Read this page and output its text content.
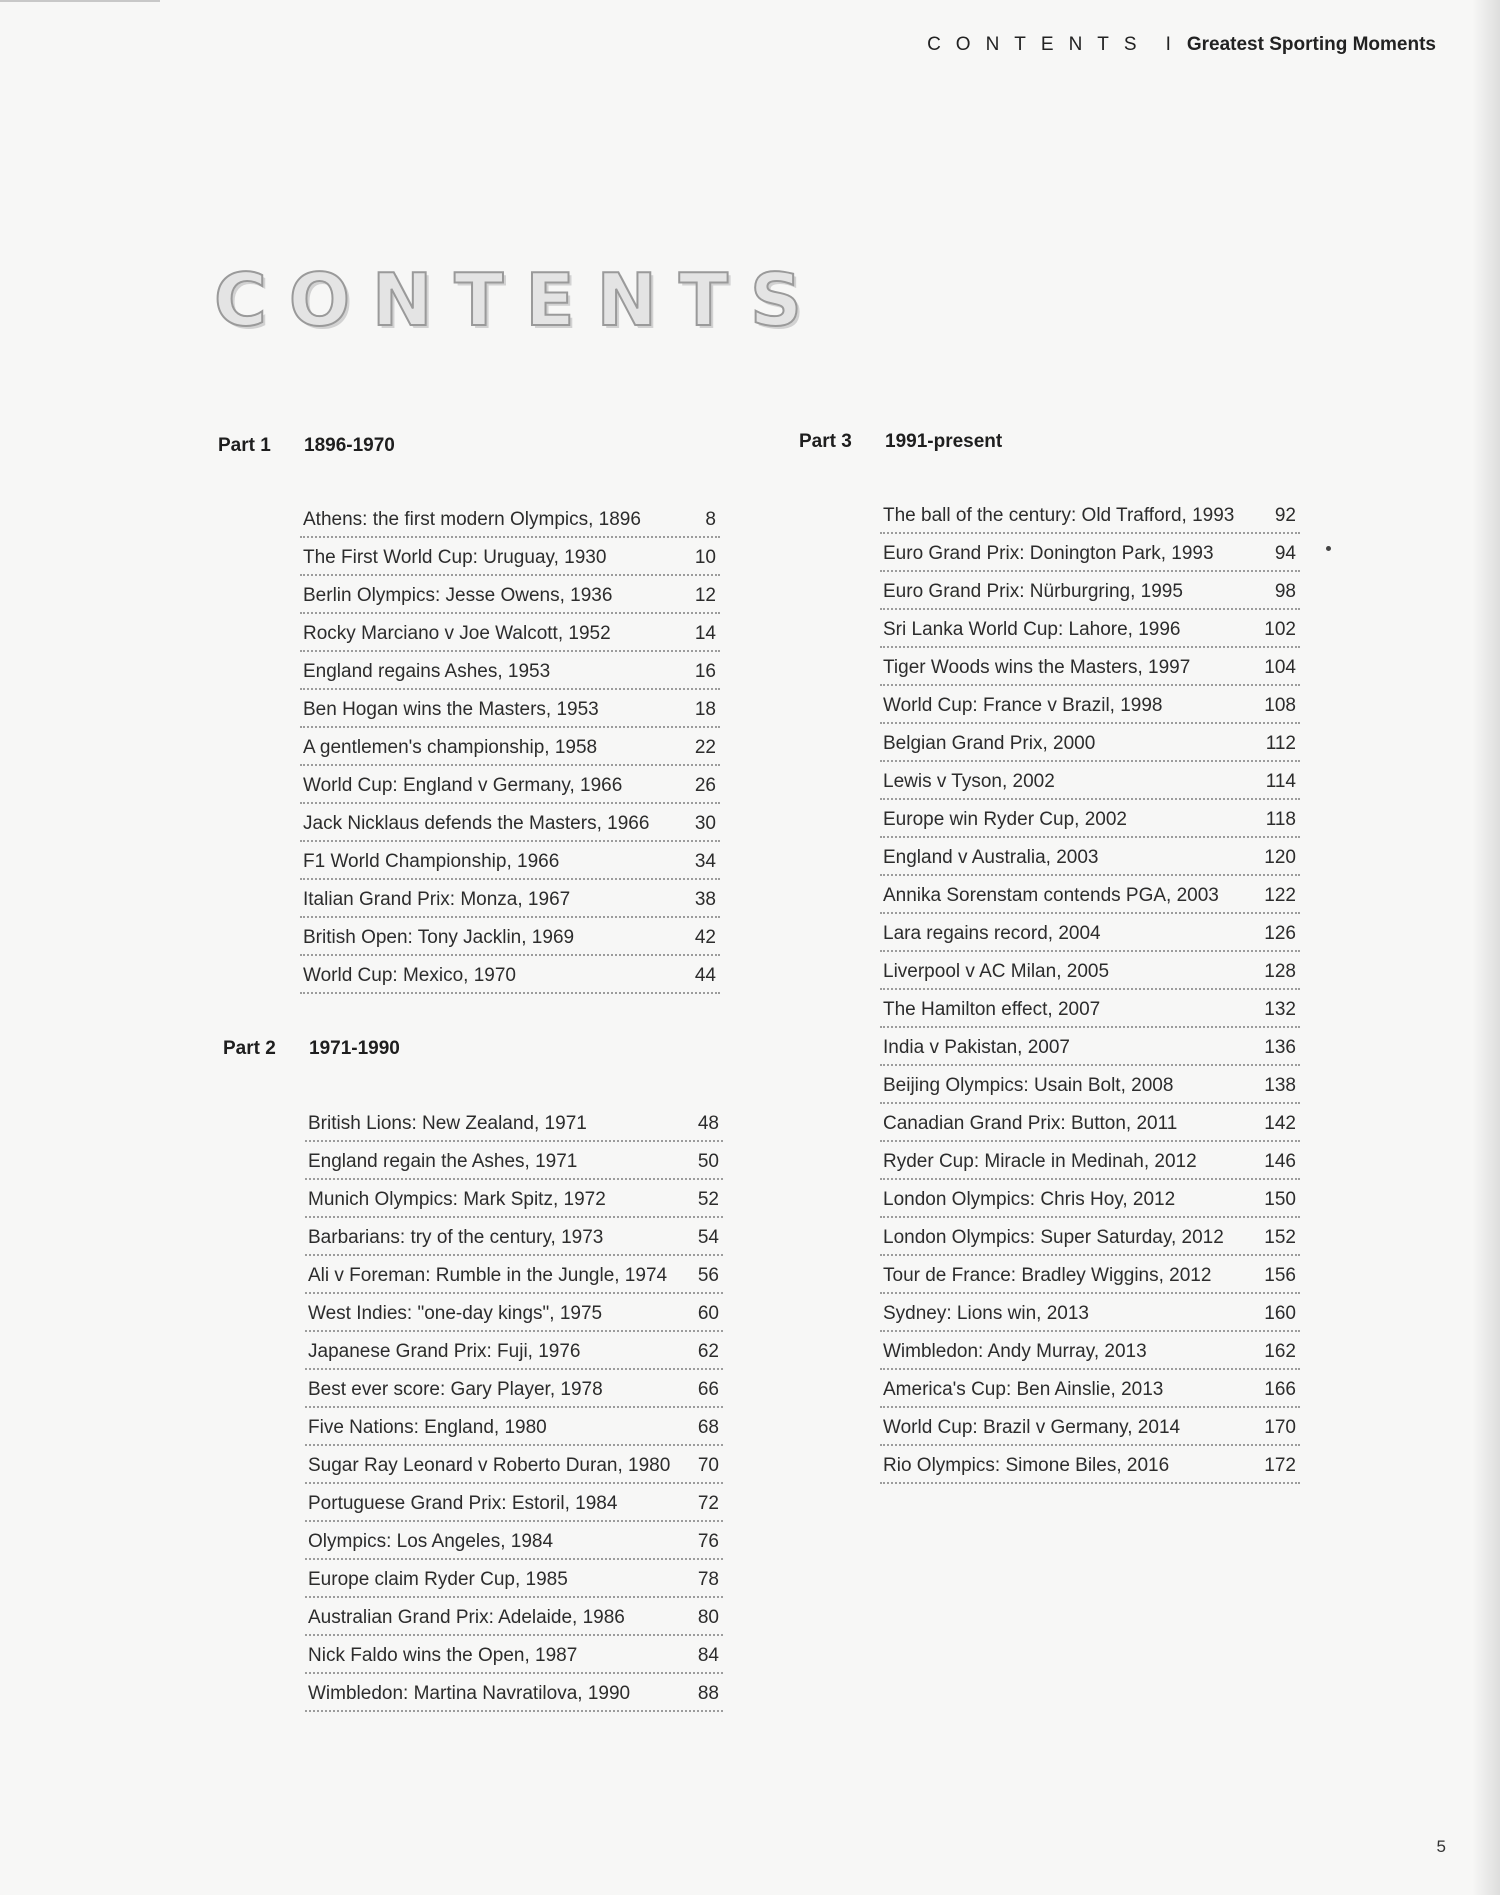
CONTENTS I Greatest Sporting Moments
CONTENTS
Part 1 1896-1970
Athens: the first modern Olympics, 1896	8
The First World Cup: Uruguay, 1930	10
Berlin Olympics: Jesse Owens, 1936	12
Rocky Marciano v Joe Walcott, 1952	14
England regains Ashes, 1953	16
Ben Hogan wins the Masters, 1953	18
A gentlemen's championship, 1958	22
World Cup: England v Germany, 1966	26
Jack Nicklaus defends the Masters, 1966 30
F1 World Championship, 1966	34
Italian Grand Prix: Monza, 1967	38
British Open: Tony Jacklin, 1969	42
World Cup: Mexico, 1970	44
Part 2 1971-1990
British Lions: New Zealand, 1971	48
England regain the Ashes, 1971	50
Munich Olympics: Mark Spitz, 1972	52
Barbarians: try of the century, 1973	54
Ali v Foreman: Rumble in the Jungle, 1974 56
West Indies: "one-day kings", 1975	60
Japanese Grand Prix: Fuji, 1976	62
Best ever score: Gary Player, 1978	66
Five Nations: England, 1980	68
Sugar Ray Leonard v Roberto Duran, 1980 70
Portuguese Grand Prix: Estoril, 1984	72
Olympics: Los Angeles, 1984	76
Europe claim Ryder Cup, 1985	78
Australian Grand Prix: Adelaide, 1986	80
Nick Faldo wins the Open, 1987	84
Wimbledon: Martina Navratilova, 1990	88
Part 3 1991-present
The ball of the century: Old Trafford, 1993 92
Euro Grand Prix: Donington Park, 1993	94
Euro Grand Prix: Nürburgring, 1995	98
Sri Lanka World Cup: Lahore, 1996	102
Tiger Woods wins the Masters, 1997	104
World Cup: France v Brazil, 1998	108
Belgian Grand Prix, 2000	112
Lewis v Tyson, 2002	114
Europe win Ryder Cup, 2002	118
England v Australia, 2003	120
Annika Sorenstam contends PGA, 2003 122
Lara regains record, 2004	126
Liverpool v AC Milan, 2005	128
The Hamilton effect, 2007	132
India v Pakistan, 2007	136
Beijing Olympics: Usain Bolt, 2008	138
Canadian Grand Prix: Button, 2011	142
Ryder Cup: Miracle in Medinah, 2012	146
London Olympics: Chris Hoy, 2012	150
London Olympics: Super Saturday, 2012 152
Tour de France: Bradley Wiggins, 2012	156
Sydney: Lions win, 2013	160
Wimbledon: Andy Murray, 2013	162
America's Cup: Ben Ainslie, 2013	166
World Cup: Brazil v Germany, 2014	170
Rio Olympics: Simone Biles, 2016	172
5
